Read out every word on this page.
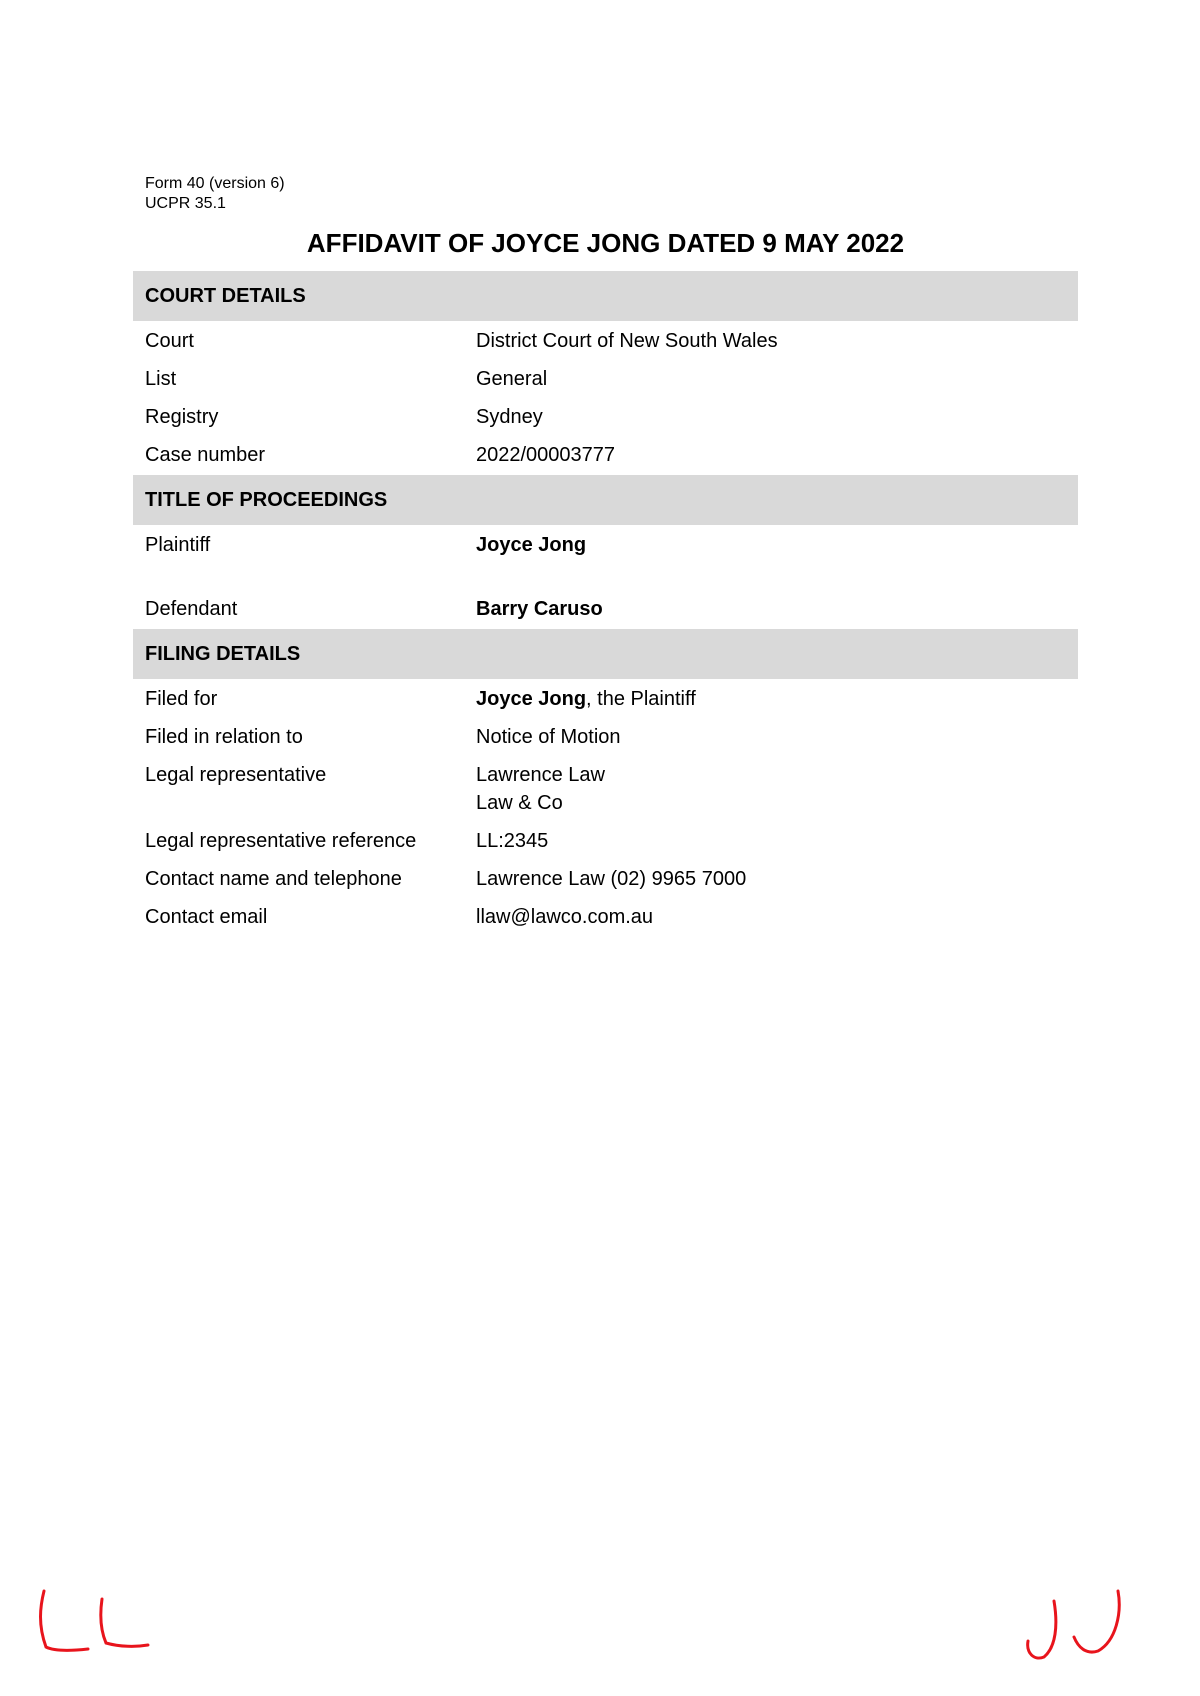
Form 40 (version 6)
UCPR 35.1
AFFIDAVIT OF JOYCE JONG DATED 9 MAY 2022
COURT DETAILS
Court	District Court of New South Wales
List	General
Registry	Sydney
Case number	2022/00003777
TITLE OF PROCEEDINGS
Plaintiff	Joyce Jong
Defendant	Barry Caruso
FILING DETAILS
Filed for	Joyce Jong, the Plaintiff
Filed in relation to	Notice of Motion
Legal representative	Lawrence Law
Law & Co
Legal representative reference	LL:2345
Contact name and telephone	Lawrence Law (02) 9965 7000
Contact email	llaw@lawco.com.au
